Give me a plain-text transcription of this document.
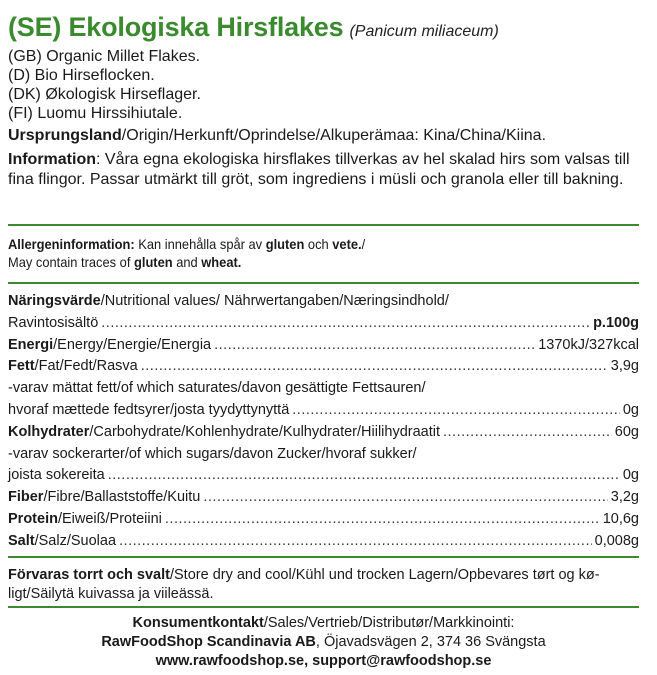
(SE) Ekologiska Hirsflakes (Panicum miliaceum)
(GB) Organic Millet Flakes.
(D) Bio Hirseflocken.
(DK) Økologisk Hirseflager.
(FI) Luomu Hirssihiutale.
Ursprungsland/Origin/Herkunft/Oprindelse/Alkuperämaa: Kina/China/Kiina.
Information: Våra egna ekologiska hirsflakes tillverkas av hel skalad hirs som valsas till fina flingor. Passar utmärkt till gröt, som ingrediens i müsli och granola eller till bakning.
Allergeninformation: Kan innehålla spår av gluten och vete./
May contain traces of gluten and wheat.
Näringsvärde/Nutritional values/ Nährwertangaben/Næringsindhold/
Ravintosisältö .....	p.100g
Energi/Energy/Energie/Energia .....	1370kJ/327kcal
Fett/Fat/Fedt/Rasva .....	3,9g
-varav mättat fett/of which saturates/davon gesättigte Fettsauren/
hvoraf mættede fedtsyrer/josta tyydyttynyttä .....	0g
Kolhydrater/Carbohydrate/Kohlenhydrate/Kulhydrater/Hiilihydraatit .....	60g
-varav sockerarter/of which sugars/davon Zucker/hvoraf sukker/
joista sokereita .....	0g
Fiber/Fibre/Ballaststoffe/Kuitu .....	3,2g
Protein/Eiweiß/Proteiini .....	10,6g
Salt/Salz/Suolaa .....	0,008g
Förvaras torrt och svalt/Store dry and cool/Kühl und trocken Lagern/Opbevares tørt og kø-
ligt/Säilytä kuivassa ja viileässä.
Konsumentkontakt/Sales/Vertrieb/Distributør/Markkinointi:
RawFoodShop Scandinavia AB, Öjavadsvägen 2, 374 36 Svängsta
www.rawfoodshop.se, support@rawfoodshop.se
